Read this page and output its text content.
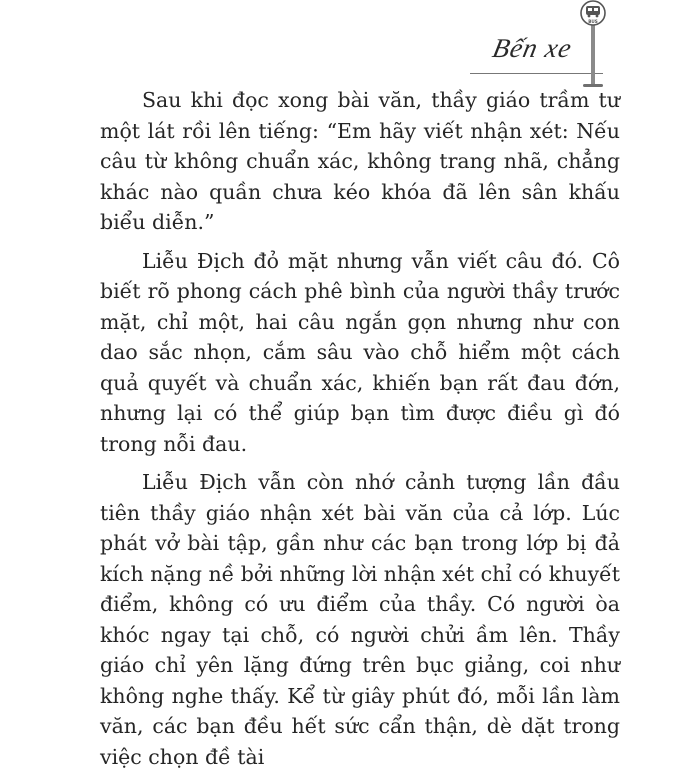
Bến xe
BUS

Sau khi đọc xong bài văn, thầy giáo trầm tư một lát rồi lên tiếng: “Em hãy viết nhận xét: Nếu câu từ không chuẩn xác, không trang nhã, chẳng khác nào quần chưa kéo khóa đã lên sân khấu biểu diễn.”

Liễu Địch đỏ mặt nhưng vẫn viết câu đó. Cô biết rõ phong cách phê bình của người thầy trước mặt, chỉ một, hai câu ngắn gọn nhưng như con dao sắc nhọn, cắm sâu vào chỗ hiểm một cách quả quyết và chuẩn xác, khiến bạn rất đau đớn, nhưng lại có thể giúp bạn tìm được điều gì đó trong nỗi đau.

Liễu Địch vẫn còn nhớ cảnh tượng lần đầu tiên thầy giáo nhận xét bài văn của cả lớp. Lúc phát vở bài tập, gần như các bạn trong lớp bị đả kích nặng nề bởi những lời nhận xét chỉ có khuyết điểm, không có ưu điểm của thầy. Có người òa khóc ngay tại chỗ, có người chửi ầm lên. Thầy giáo chỉ yên lặng đứng trên bục giảng, coi như không nghe thấy. Kể từ giây phút đó, mỗi lần làm văn, các bạn đều hết sức cẩn thận, dè dặt trong việc chọn đề tài
